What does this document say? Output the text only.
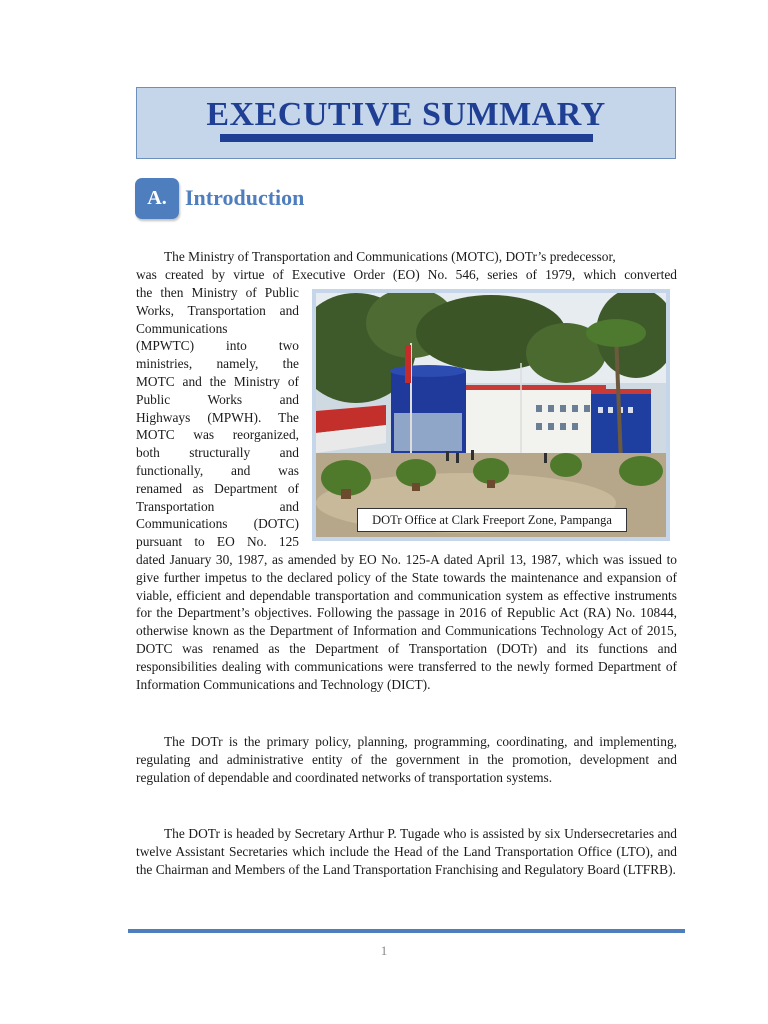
EXECUTIVE SUMMARY
A. Introduction

The Ministry of Transportation and Communications (MOTC), DOTr’s predecessor,

was created by virtue of Executive Order (EO) No. 546, series of 1979, which converted

the then Ministry of Public
Works, Transportation and
Communications
(MPWTC) into two
ministries, namely, the
MOTC and the Ministry of
Public Works and
Highways (MPWH). The
MOTC was reorganized,
both structurally and
functionally, and was
renamed as Department of
Transportation and
Communications (DOTC)
pursuant to EO No. 125
DOTr Office at Clark Freeport Zone, Pampanga

dated January 30, 1987, as amended by EO No. 125-A dated April 13, 1987, which was issued to give further impetus to the declared policy of the State towards the maintenance and expansion of viable, efficient and dependable transportation and communication system as effective instruments for the Department’s objectives. Following the passage in 2016 of Republic Act (RA) No. 10844, otherwise known as the Department of Information and Communications Technology Act of 2015, DOTC was renamed as the Department of Transportation (DOTr) and its functions and responsibilities dealing with communications were transferred to the newly formed Department of Information Communications and Technology (DICT).

The DOTr is the primary policy, planning, programming, coordinating, and implementing, regulating and administrative entity of the government in the promotion, development and regulation of dependable and coordinated networks of transportation systems.

The DOTr is headed by Secretary Arthur P. Tugade who is assisted by six Undersecretaries and twelve Assistant Secretaries which include the Head of the Land Transportation Office (LTO), and the Chairman and Members of the Land Transportation Franchising and Regulatory Board (LTFRB).

1
